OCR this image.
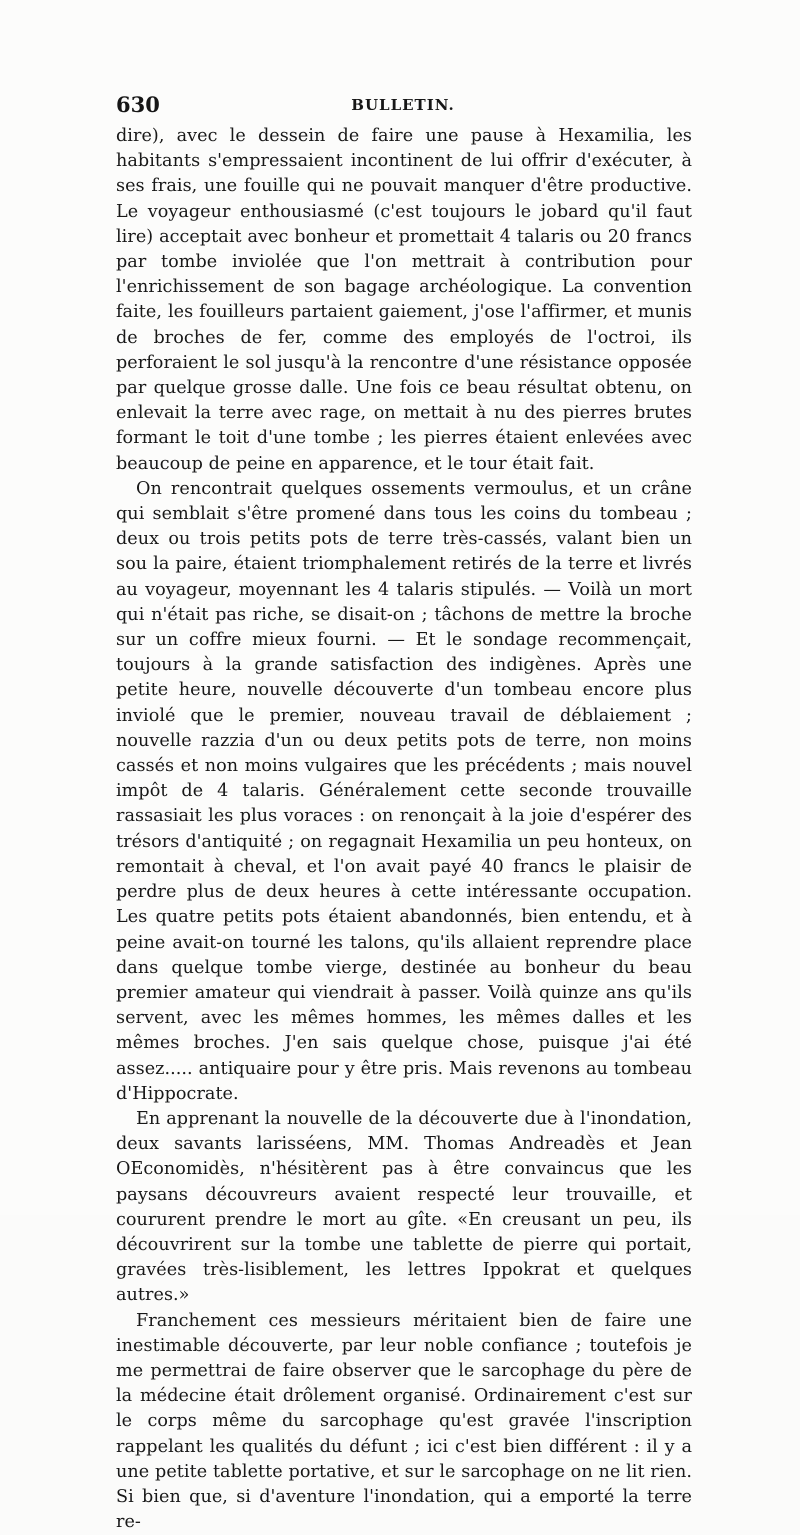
630	BULLETIN.

dire), avec le dessein de faire une pause à Hexamilia, les habitants s'empressaient incontinent de lui offrir d'exécuter, à ses frais, une fouille qui ne pouvait manquer d'être productive. Le voyageur enthousiasmé (c'est toujours le jobard qu'il faut lire) acceptait avec bonheur et promettait 4 talaris ou 20 francs par tombe inviolée que l'on mettrait à contribution pour l'enrichissement de son bagage archéologique. La convention faite, les fouilleurs partaient gaiement, j'ose l'affirmer, et munis de broches de fer, comme des employés de l'octroi, ils perforaient le sol jusqu'à la rencontre d'une résistance opposée par quelque grosse dalle. Une fois ce beau résultat obtenu, on enlevait la terre avec rage, on mettait à nu des pierres brutes formant le toit d'une tombe ; les pierres étaient enlevées avec beaucoup de peine en apparence, et le tour était fait.

On rencontrait quelques ossements vermoulus, et un crâne qui semblait s'être promené dans tous les coins du tombeau ; deux ou trois petits pots de terre très-cassés, valant bien un sou la paire, étaient triomphalement retirés de la terre et livrés au voyageur, moyennant les 4 talaris stipulés. — Voilà un mort qui n'était pas riche, se disait-on ; tâchons de mettre la broche sur un coffre mieux fourni. — Et le sondage recommençait, toujours à la grande satisfaction des indigènes. Après une petite heure, nouvelle découverte d'un tombeau encore plus inviolé que le premier, nouveau travail de déblaiement ; nouvelle razzia d'un ou deux petits pots de terre, non moins cassés et non moins vulgaires que les précédents ; mais nouvel impôt de 4 talaris. Généralement cette seconde trouvaille rassasiait les plus voraces : on renonçait à la joie d'espérer des trésors d'antiquité ; on regagnait Hexamilia un peu honteux, on remontait à cheval, et l'on avait payé 40 francs le plaisir de perdre plus de deux heures à cette intéressante occupation. Les quatre petits pots étaient abandonnés, bien entendu, et à peine avait-on tourné les talons, qu'ils allaient reprendre place dans quelque tombe vierge, destinée au bonheur du beau premier amateur qui viendrait à passer. Voilà quinze ans qu'ils servent, avec les mêmes hommes, les mêmes dalles et les mêmes broches. J'en sais quelque chose, puisque j'ai été assez..... antiquaire pour y être pris. Mais revenons au tombeau d'Hippocrate.

En apprenant la nouvelle de la découverte due à l'inondation, deux savants larisséens, MM. Thomas Andreadès et Jean OEconomidès, n'hésitèrent pas à être convaincus que les paysans découvreurs avaient respecté leur trouvaille, et coururent prendre le mort au gîte. «En creusant un peu, ils découvrirent sur la tombe une tablette de pierre qui portait, gravées très-lisiblement, les lettres Ippokrat et quelques autres.»

Franchement ces messieurs méritaient bien de faire une inestimable découverte, par leur noble confiance ; toutefois je me permettrai de faire observer que le sarcophage du père de la médecine était drôlement organisé. Ordinairement c'est sur le corps même du sarcophage qu'est gravée l'inscription rappelant les qualités du défunt ; ici c'est bien différent : il y a une petite tablette portative, et sur le sarcophage on ne lit rien. Si bien que, si d'aventure l'inondation, qui a emporté la terre re-
